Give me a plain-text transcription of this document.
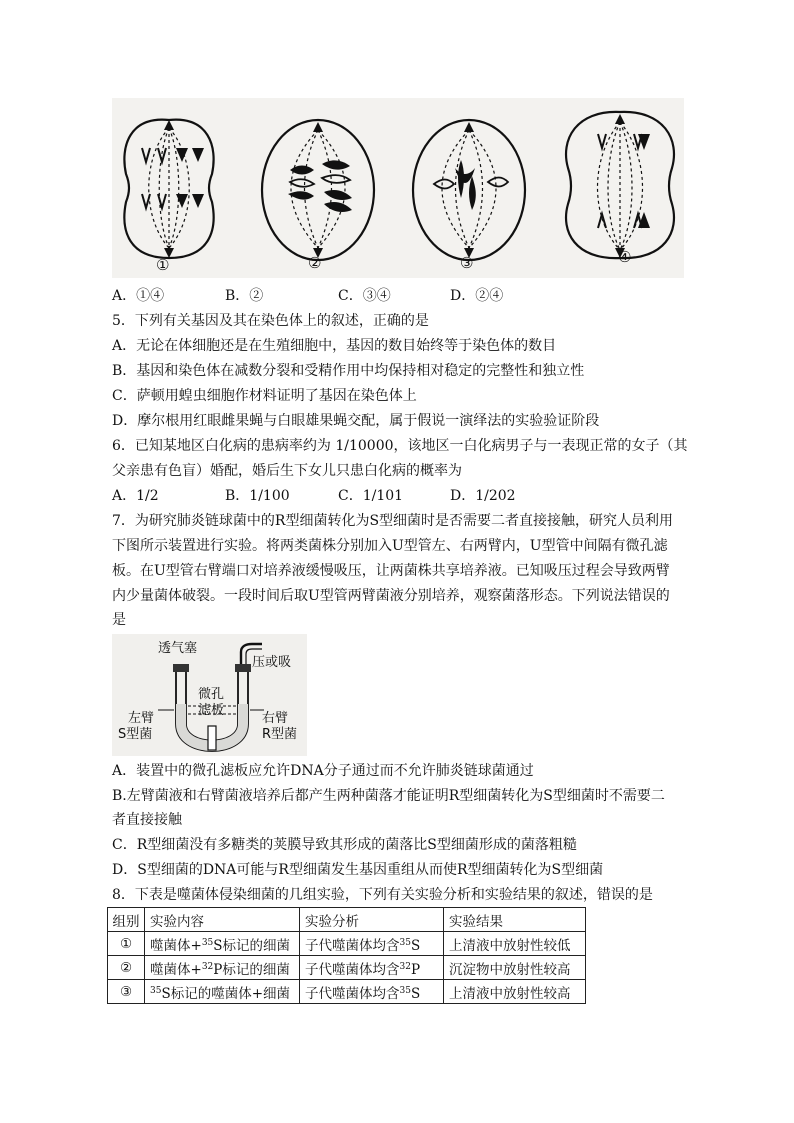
①	②	③	④
A．①④	B．②	C．③④	D．②④
5．下列有关基因及其在染色体上的叙述，正确的是
A．无论在体细胞还是在生殖细胞中，基因的数目始终等于染色体的数目
B．基因和染色体在减数分裂和受精作用中均保持相对稳定的完整性和独立性
C．萨顿用蝗虫细胞作材料证明了基因在染色体上
D．摩尔根用红眼雌果蝇与白眼雄果蝇交配，属于假说一演绎法的实验验证阶段
6．已知某地区白化病的患病率约为 1/10000，该地区一白化病男子与一表现正常的女子（其
父亲患有色盲）婚配，婚后生下女儿只患白化病的概率为
A．1/2	B．1/100	C．1/101	D．1/202
7．为研究肺炎链球菌中的R型细菌转化为S型细菌时是否需要二者直接接触，研究人员利用
下图所示装置进行实验。将两类菌株分别加入U型管左、右两臂内，U型管中间隔有微孔滤
板。在U型管右臂端口对培养液缓慢吸压，让两菌株共享培养液。已知吸压过程会导致两臂
内少量菌体破裂。一段时间后取U型管两臂菌液分别培养，观察菌落形态。下列说法错误的
是
透气塞
压或吸
微孔
滤板
左臂
S型菌
右臂
R型菌
A．装置中的微孔滤板应允许DNA分子通过而不允许肺炎链球菌通过
B.左臂菌液和右臂菌液培养后都产生两种菌落才能证明R型细菌转化为S型细菌时不需要二
者直接接触
C．R型细菌没有多糖类的荚膜导致其形成的菌落比S型细菌形成的菌落粗糙
D．S型细菌的DNA可能与R型细菌发生基因重组从而使R型细菌转化为S型细菌
8．下表是噬菌体侵染细菌的几组实验，下列有关实验分析和实验结果的叙述，错误的是
组别	实验内容	实验分析	实验结果
①	噬菌体+$^{35}$S标记的细菌	子代噬菌体均含$^{35}$S	上清液中放射性较低
②	噬菌体+$^{32}$P标记的细菌	子代噬菌体均含$^{32}$P	沉淀物中放射性较高
③	$^{35}$S标记的噬菌体+细菌	子代噬菌体均含$^{35}$S	上清液中放射性较高
